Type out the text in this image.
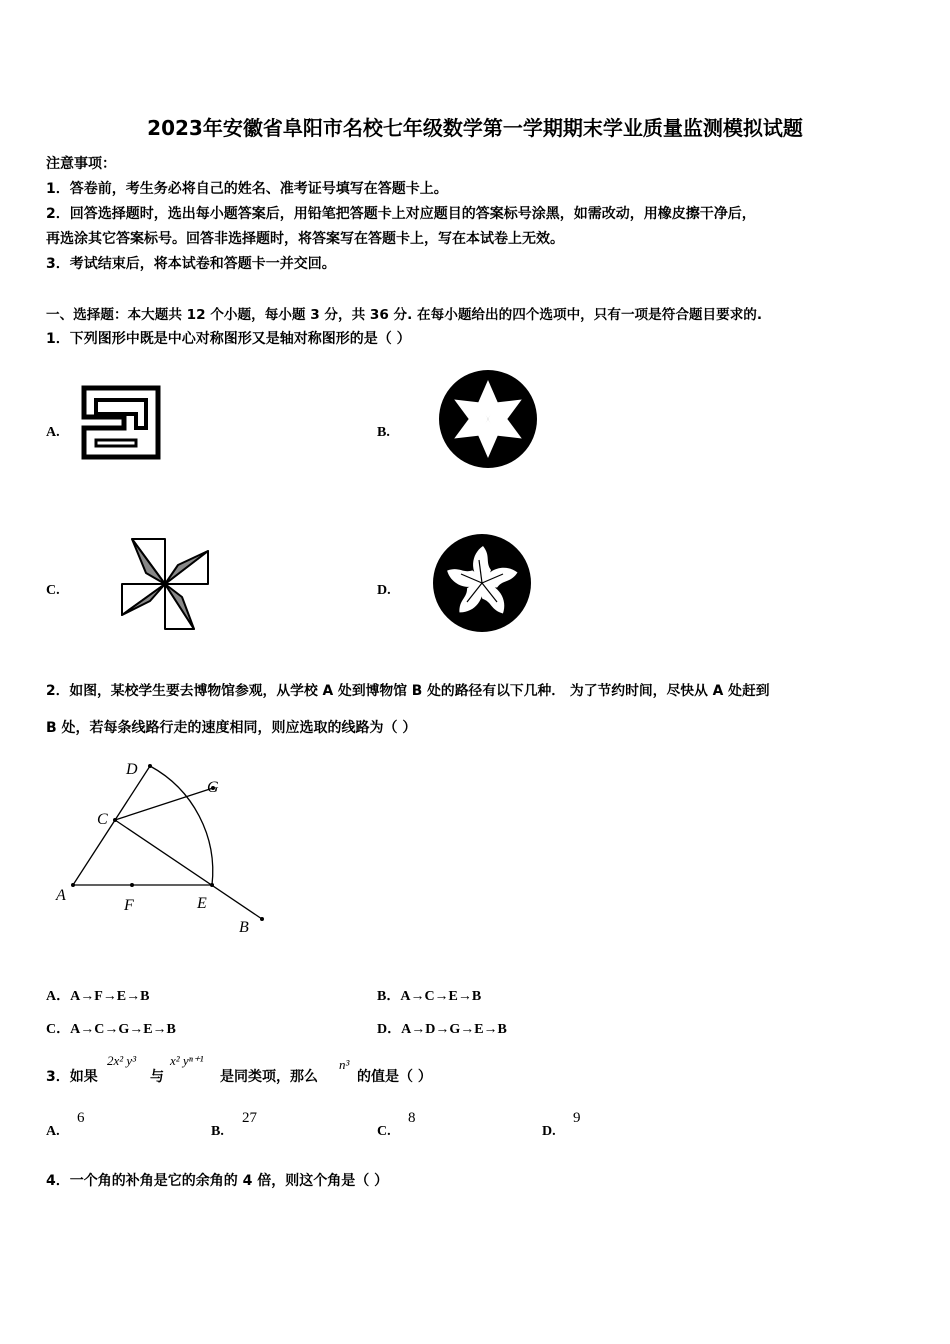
2023年安徽省阜阳市名校七年级数学第一学期期末学业质量监测模拟试题
注意事项：
1．答卷前，考生务必将自己的姓名、准考证号填写在答题卡上。
2．回答选择题时，选出每小题答案后，用铅笔把答题卡上对应题目的答案标号涂黑，如需改动，用橡皮擦干净后，
再选涂其它答案标号。回答非选择题时，将答案写在答题卡上，写在本试卷上无效。
3．考试结束后，将本试卷和答题卡一并交回。
一、选择题：本大题共 12 个小题，每小题 3 分，共 36 分. 在每小题给出的四个选项中，只有一项是符合题目要求的.
1．下列图形中既是中心对称图形又是轴对称图形的是（ ）
A.	B.
C.	D.
2．如图，某校学生要去博物馆参观，从学校 A 处到博物馆 B 处的路径有以下几种． 为了节约时间，尽快从 A 处赶到
B 处，若每条线路行走的速度相同，则应选取的线路为（ ）
D
G
C
A
F	E
B
A．A→F→E→B	B．A→C→E→B
C．A→C→G→E→B	D．A→D→G→E→B
3．如果
2x² y³
与
x² yⁿ⁺¹
是同类项，那么
n³
的值是（ ）
A.
6
B.
27
C.
8
D.
9
4．一个角的补角是它的余角的 4 倍，则这个角是（ ）
